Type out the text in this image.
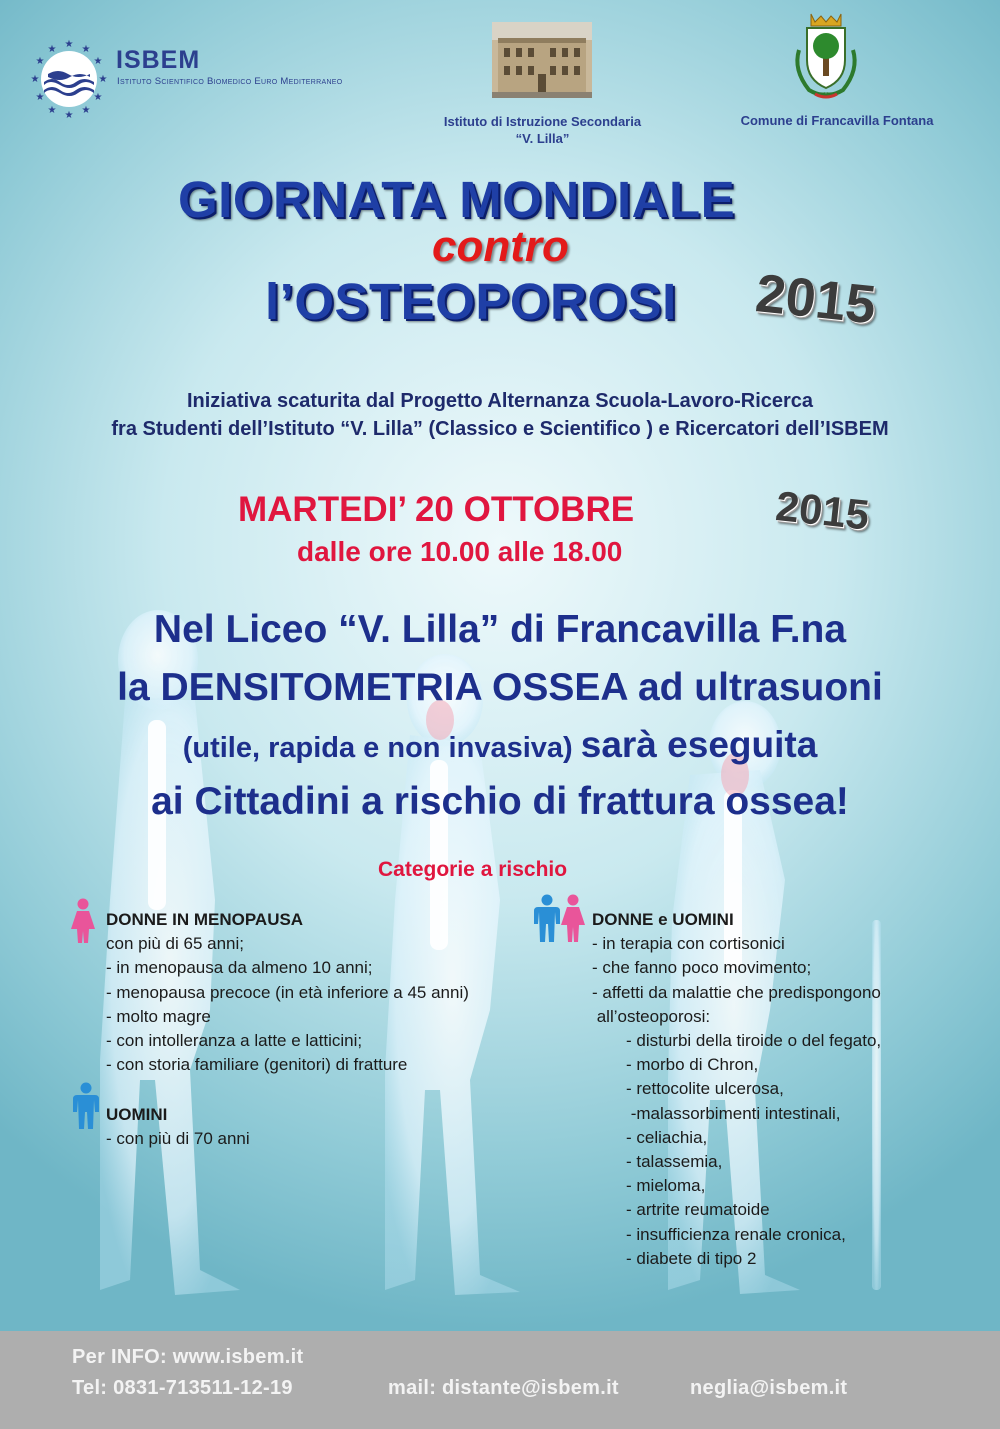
★ ★
★
★
★
★
★
★
★
★
★
★ ISBEM
Istituto Scientifico Biomedico Euro Mediterraneo
Istituto di Istruzione Secondaria
“V. Lilla”
Comune di Francavilla Fontana
GIORNATA MONDIALE
contro
l’OSTEOPOROSI 2015
Iniziativa scaturita dal Progetto Alternanza Scuola-Lavoro-Ricerca
fra Studenti dell’Istituto “V. Lilla” (Classico e Scientifico ) e Ricercatori dell’ISBEM
MARTEDI’ 20 OTTOBRE	2015
dalle ore 10.00 alle 18.00
Nel Liceo “V. Lilla” di Francavilla F.na
la DENSITOMETRIA OSSEA ad ultrasuoni
(utile, rapida e non invasiva) sarà eseguita
ai Cittadini a rischio di frattura ossea!
Categorie a rischio
DONNE IN MENOPAUSA
con più di 65 anni;
- in menopausa da almeno 10 anni;
- menopausa precoce (in età inferiore a 45 anni)
- molto magre
- con intolleranza a latte e latticini;
- con storia familiare (genitori) di fratture
UOMINI
- con più di 70 anni
DONNE e UOMINI
- in terapia con cortisonici
- che fanno poco movimento;
- affetti da malattie che predispongono
all’osteoporosi:
- disturbi della tiroide o del fegato,
- morbo di Chron,
- rettocolite ulcerosa,
-malassorbimenti intestinali,
- celiachia,
- talassemia,
- mieloma,
- artrite reumatoide
- insufficienza renale cronica,
- diabete di tipo 2
Per INFO: www.isbem.it
Tel: 0831-713511-12-19	mail: distante@isbem.it	neglia@isbem.it
